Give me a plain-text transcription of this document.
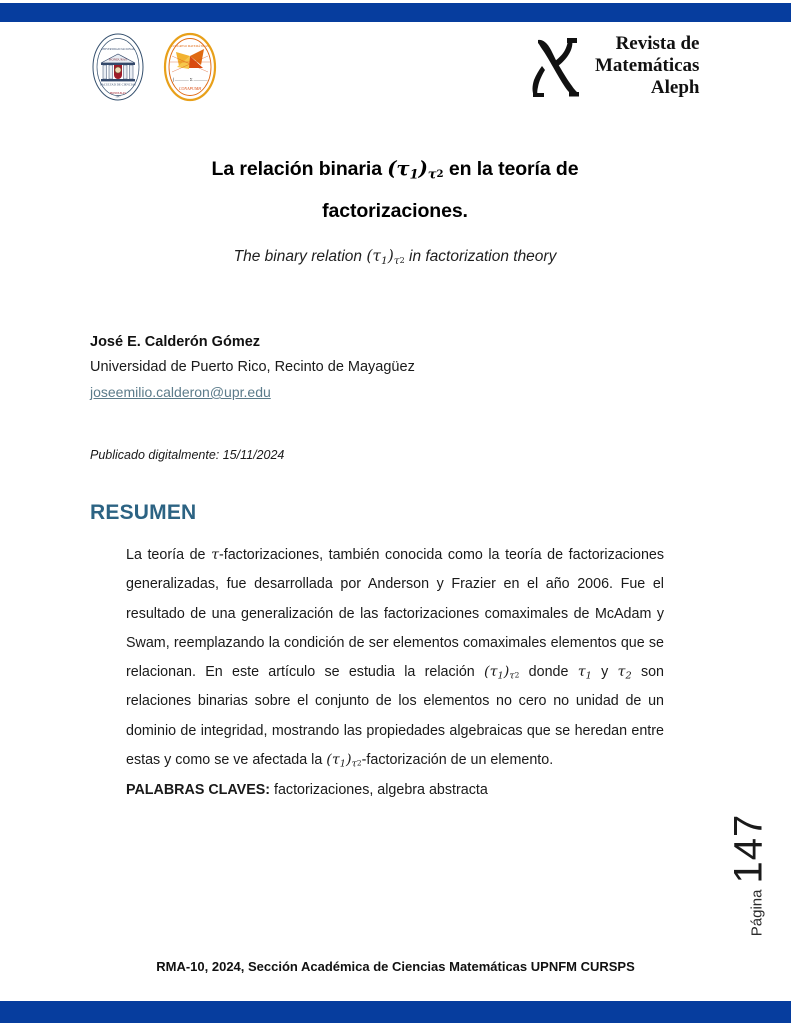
HONDURAS
FACULTAD DE CIENCIAS
UNIVERSIDAD NACIONAL
HONDURAS
1847
∫ ——— Σ ———
CONGRESO MATEMÁTICAS
CONAPUMH
Revista de
Matemáticas
Aleph
La relación binaria $(\tau_1)_{\tau 2}$ en la teoría de
factorizaciones.

The binary relation $(\tau_1)_{\tau 2}$ in factorization theory

José E. Calderón Gómez
Universidad de Puerto Rico, Recinto de Mayagüez
joseemilio.calderon@upr.edu
Publicado digitalmente: 15/11/2024
RESUMEN

La teoría de τ-factorizaciones, también conocida como la teoría de factorizaciones generalizadas, fue desarrollada por Anderson y Frazier en el año 2006. Fue el resultado de una generalización de las factorizaciones comaximales de McAdam y Swam, reemplazando la condición de ser elementos comaximales elementos que se relacionan. En este artículo se estudia la relación $(\tau_1)_{\tau 2}$ donde $\tau_1$ y $\tau_2$ son relaciones binarias sobre el conjunto de los elementos no cero no unidad de un dominio de integridad, mostrando las propiedades algebraicas que se heredan entre estas y como se ve afectada la $(\tau_1)_{\tau 2}$-factorización de un elemento.

PALABRAS CLAVES: factorizaciones, algebra abstracta
Página
147
RMA-10, 2024, Sección Académica de Ciencias Matemáticas UPNFM CURSPS
